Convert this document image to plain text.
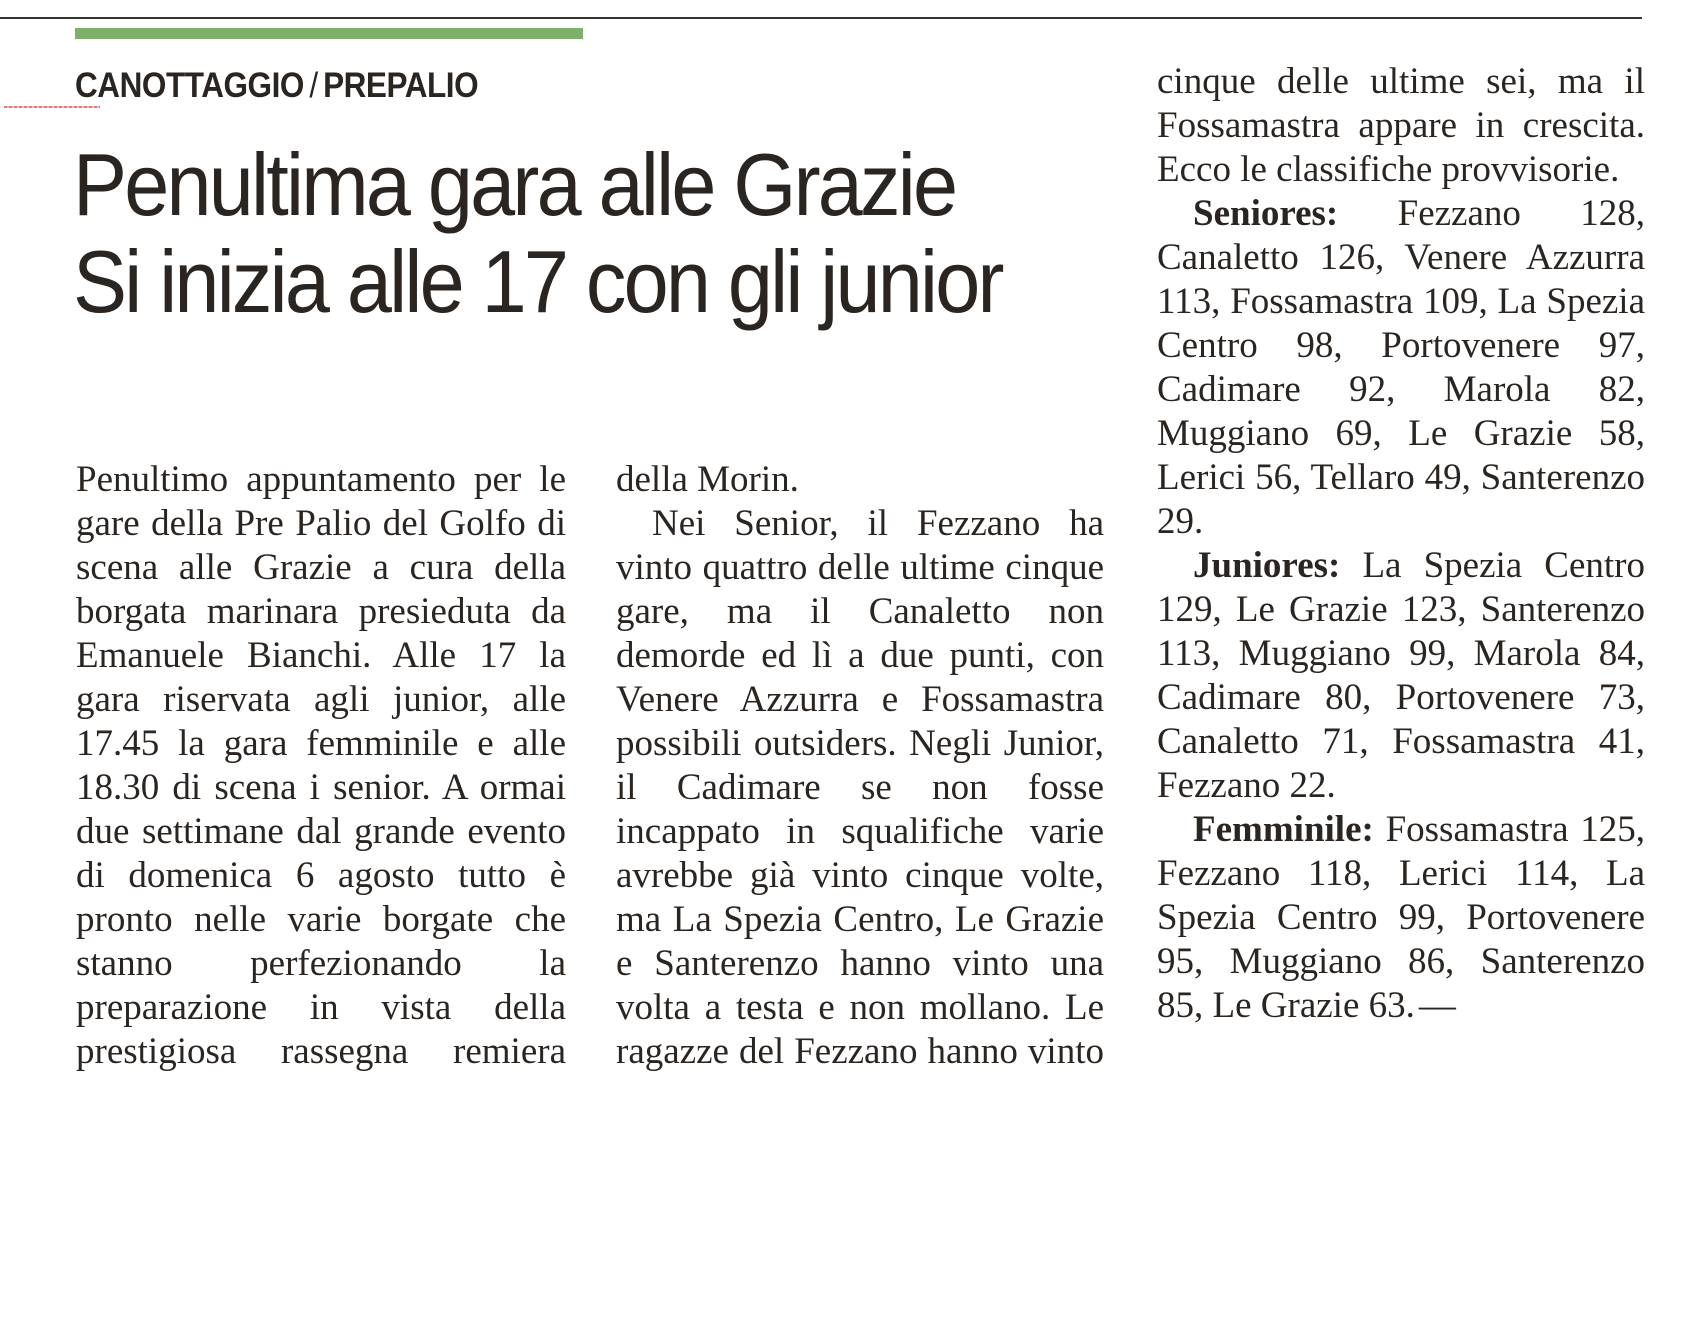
CANOTTAGGIO / PREPALIO
Penultima gara alle Grazie
Si inizia alle 17 con gli junior

Penultimo appuntamento per le gare della Pre Palio del Golfo di scena alle Grazie a cura della borgata marinara presieduta da Emanuele Bianchi. Alle 17 la gara riservata agli junior, alle 17.45 la gara femminile e alle 18.30 di scena i senior. A ormai due settimane dal grande evento di domenica 6 agosto tutto è pronto nelle varie borgate che stanno perfezionando la preparazione in vista della prestigiosa rassegna remiera

della Morin.

Nei Senior, il Fezzano ha vinto quattro delle ultime cinque gare, ma il Canaletto non demorde ed lì a due punti, con Venere Azzurra e Fossamastra possibili outsiders. Negli Junior, il Cadimare se non fosse incappato in squalifiche varie avrebbe già vinto cinque volte, ma La Spezia Centro, Le Grazie e Santerenzo hanno vinto una volta a testa e non mollano. Le ragazze del Fezzano hanno vinto

cinque delle ultime sei, ma il Fossamastra appare in crescita. Ecco le classifiche provvisorie.

Seniores: Fezzano 128, Canaletto 126, Venere Azzurra 113, Fossamastra 109, La Spezia Centro 98, Portovenere 97, Cadimare 92, Marola 82, Muggiano 69, Le Grazie 58, Lerici 56, Tellaro 49, Santerenzo 29.

Juniores: La Spezia Centro 129, Le Grazie 123, Santerenzo 113, Muggiano 99, Marola 84, Cadimare 80, Portovenere 73, Canaletto 71, Fossamastra 41, Fezzano 22.

Femminile: Fossamastra 125, Fezzano 118, Lerici 114, La Spezia Centro 99, Portovenere 95, Muggiano 86, Santerenzo 85, Le Grazie 63. —
